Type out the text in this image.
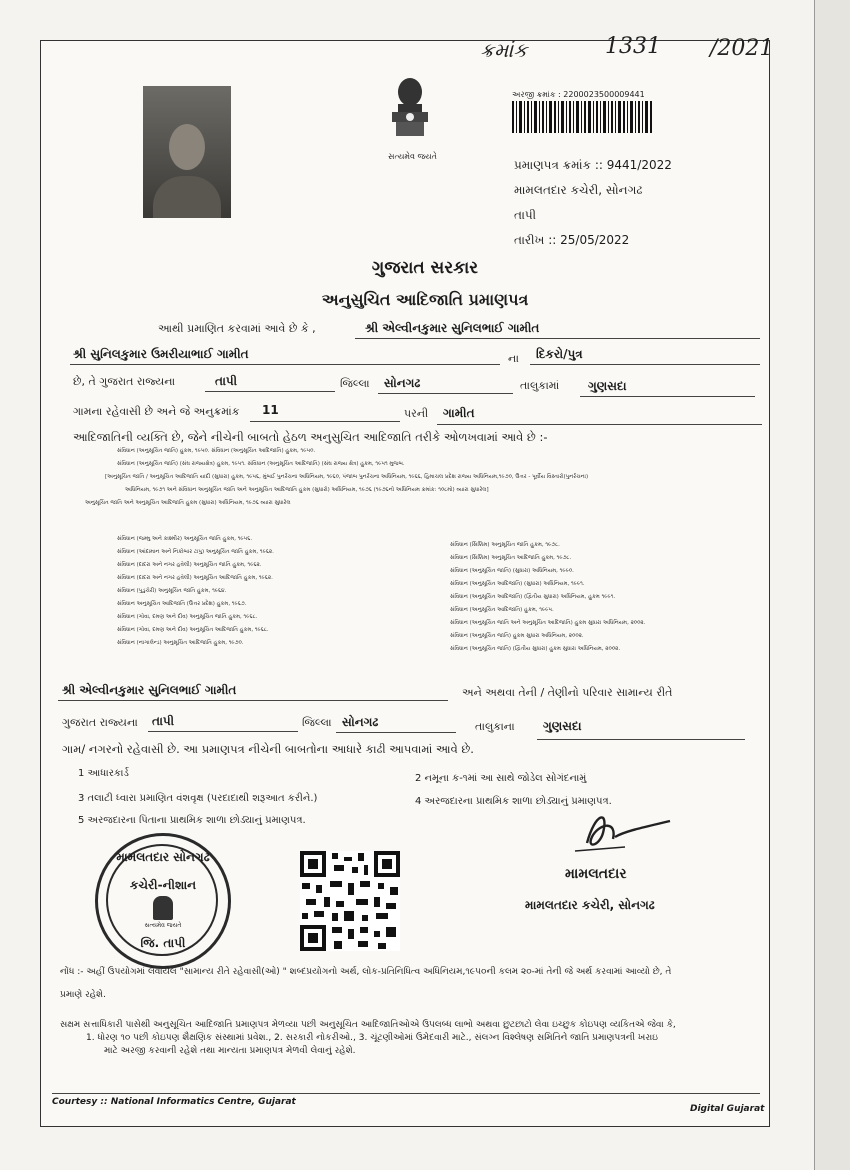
ક્રમાંક	1331 /2021
સત્યમેવ જયતે
અરજી ક્રમાંક : 2200023500009441
પ્રમાણપત્ર ક્રમાંક :: 9441/2022
મામલતદાર કચેરી, સોનગઢ
તાપી
તારીખ :: 25/05/2022
ગુજરાત સરકાર
અનુસુચિત આદિજાતિ પ્રમાણપત્ર
આથી પ્રમાણિત કરવામાં આવે છે કે ,	શ્રી એલ્વીનકુમાર સુનિલભાઈ ગામીત
શ્રી સુનિલકુમાર ઉમરીયાભાઈ ગામીત	ના દિકરો/પુત્ર
છે, તે ગુજરાત રાજ્યના	તાપી	જિલ્લા સોનગઢ	તાલુકામાં ગુણસદા
ગામના રહેવાસી છે અને જે અનુક્રમાંક 11	પરની ગામીત
આદિજાતિની વ્યક્તિ છે, જેને નીચેની બાબતો હેઠળ અનુસુચિત આદિજાતિ તરીકે ઓળખવામાં આવે છે :-
સંવિધાન (અનુસૂચિત જાતિ) હુકમ, ૧૯૫૦. સંવિધાન (અનુસૂચિત આદિજાતિ) હુકમ, ૧૯૫૦.
સંવિધાન (અનુસૂચિત જાતિ) (સંઘ રાજ્યક્ષેત્ર) હુકમ, ૧૯૫૧. સંવિધાન (અનુસૂચિત આદિજાતિ) (સંઘ રાજ્ય ક્ષેત્ર) હુકમ, ૧૯૫૧ મુજબ.
[અનુસૂચિત જાતિ / અનુસૂચિત આદિજાતિ યાદી (સુધારા) હુકમ, ૧૯૫૬, મુંબઈ પુનર્રચના અધિનિયમ, ૧૯૬૦, પંજાબ પુનર્રચના અધિનિયમ, ૧૯૬૬, હિમાચલ પ્રદેશ રાજ્ય અધિનિયમ,૧૯૭૦, ઉત્તર - પૂર્વીય વિસ્તારો(પુનર્રચના)
અધિનિયમ, ૧૯૭૧ અને સંવિધાન અનુસૂચિત જાતિ અને અનુસૂચિત આદિજાતિ હુકમ (સુધારો) અધિનિયમ, ૧૯૭૬ (૧૯૭૬નો અધિનિયમ ક્રમાંક: ૧૦૮મો) વ્યારા સુધારેલ]
અનુસૂચિત જાતિ અને અનુસૂચિત આદિજાતિ હુકમ (સુધારા) અધિનિયમ, ૧૯૭૬ વ્યારા સુધારેલ
સંવિધાન (જમ્મુ અને કાશ્મીર) અનુસૂચિત જાતિ હુકમ, ૧૯૫૬.
સંવિધાન (આંદામાન અને નિકોબાર ટાપુ) અનુસૂચિત જાતિ હુકમ, ૧૯૬૨.
સંવિધાન (દાદરા અને નગર હવેલી) અનુસૂચિત જાતિ હુકમ, ૧૯૬૨.
સંવિધાન (દાદરા અને નગર હવેલી) અનુસૂચિત આદિજાતિ હુકમ, ૧૯૬૨.
સંવિધાન (પુડુચેરી) અનુસૂચિત જાતિ હુકમ, ૧૯૬૪.
સંવિધાન અનુસૂચિત આદિજાતિ (ઉત્તર પ્રદેશ) હુકમ, ૧૯૬૭.
સંવિધાન (ગોવા, દમણ અને દીવ) અનુસૂચિત જાતિ હુકમ, ૧૯૬૮.
સંવિધાન (ગોવા, દમણ અને દીવ) અનુસૂચિત આદિજાતિ હુકમ, ૧૯૬૮.
સંવિધાન (નાગાલેન્ડ) અનુસૂચિત આદિજાતિ હુકમ, ૧૯૭૦.
સંવિધાન (સિક્કિમ) અનુસૂચિત જાતિ હુકમ, ૧૯૭૮.
સંવિધાન (સિક્કિમ) અનુસૂચિત આદિજાતિ હુકમ, ૧૯૭૮.
સંવિધાન (અનુસૂચિત જાતિ) (સુધારા) અધિનિયમ, ૧૯૯૦.
સંવિધાન (અનુસૂચિત આદિજાતિ) (સુધારા) અધિનિયમ, ૧૯૯૧.
સંવિધાન (અનુસૂચિત આદિજાતિ) (દ્વિતીય સુધારા) અધિનિયમ, હુકમ ૧૯૯૧.
સંવિધાન (અનુસૂચિત આદિજાતિ) હુકમ, ૧૯૯૫.
સંવિધાન (અનુસૂચિત જાતિ અને અનુસૂચિત આદિજાતિ) હુકમ સુધારા અધિનિયમ, ૨૦૦૨.
સંવિધાન (અનુસૂચિત જાતિ) હુકમ સુધારા અધિનિયમ, ૨૦૦૨.
સંવિધાન (અનુસૂચિત જાતિ) (દ્વિતીય સુધારા) હુકમ સુધારા અધિનિયમ, ૨૦૦૨.
શ્રી એલ્વીનકુમાર સુનિલભાઈ ગામીત	અને અથવા તેની / તેણીનો પરિવાર સામાન્ય રીતે
ગુજરાત રાજ્યના તાપી	જિલ્લા સોનગઢ	તાલુકાના ગુણસદા
ગામ/ નગરનો રહેવાસી છે. આ પ્રમાણપત્ર નીચેની બાબતોના આધારે કાઢી આપવામાં આવે છે.
1 આધારકાર્ડ	2 નમૂના ક-૧માં આ સાથે જોડેલ સોગંદનામું
3 તલાટી ધ્વારા પ્રમાણિત વંશવૃક્ષ (પરદાદાથી શરૂઆત કરીને.)	4 અરજદારના પ્રાથમિક શાળા છોડ્યાનું પ્રમાણપત્ર.
5 અરજદારના પિતાના પ્રાથમિક શાળા છોડ્યાનું પ્રમાણપત્ર.
મામલતદાર સોનગઢ
કચેરી-નીશાન
સત્યમેવ જયતે
જિ. તાપી
મામલતદાર
મામલતદાર કચેરી, સોનગઢ
નોંધ :- અહીં ઉપયોગમાં લેવાયેલ "સામાન્ય રીતે રહેવાસી(ઓ) " શબ્દપ્રયોગનો અર્થ, લોક-પ્રતિનિધિત્વ અધિનિયમ,૧૯૫૦ની કલમ ૨૦-માં તેની જે અર્થ કરવામાં આવ્યો છે, તે
પ્રમાણે રહેશે.
સક્ષમ સત્તાધિકારી પાસેથી અનુસૂચિત આદિજાતિ પ્રમાણપત્ર મેળવ્યા પછી અનુસૂચિત આદિજાતિઓએ ઉપલબ્ધ લાભો અથવા છુટછાટો લેવા ઇચ્છુક કોઇપણ વ્યકિતએ જેવા કે,
1. ધોરણ ૧૦ પછી કોઇપણ શૈક્ષણિક સંસ્થામાં પ્રવેશ., 2. સરકારી નોકરીઓ., 3. ચૂંટણીઓમાં ઉમેદવારી માટે., સંલગ્ન વિશ્લેષણ સમિતિને જાતિ પ્રમાણપત્રની ખરાઇ
માટે અરજી કરવાની રહેશે તથા માન્યતા પ્રમાણપત્ર મેળવી લેવાનું રહેશે.
Courtesy :: National Informatics Centre, Gujarat
Digital Gujarat
